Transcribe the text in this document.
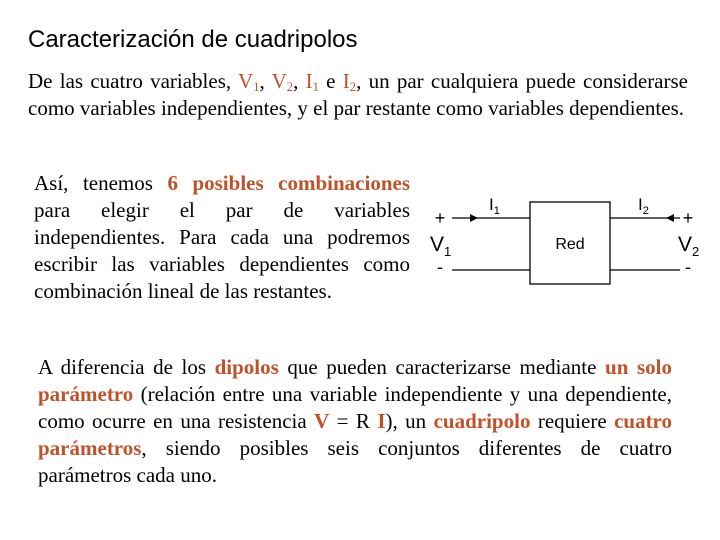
Caracterización de cuadripolos
De las cuatro variables, $V_1$, $V_2$, $I_1$ e $I_2$, un par cualquiera puede considerarse como variables independientes, y el par restante como variables dependientes.
Así, tenemos 6 posibles combinaciones para elegir el par de variables independientes. Para cada una podremos escribir las variables dependientes como combinación lineal de las restantes.
Red
$I_1$	$I_2$
+	+
-	-
$V_1$	$V_2$
A diferencia de los dipolos que pueden caracterizarse mediante un solo parámetro (relación entre una variable independiente y una dependiente, como ocurre en una resistencia V = R I), un cuadripolo requiere cuatro parámetros, siendo posibles seis conjuntos diferentes de cuatro parámetros cada uno.
